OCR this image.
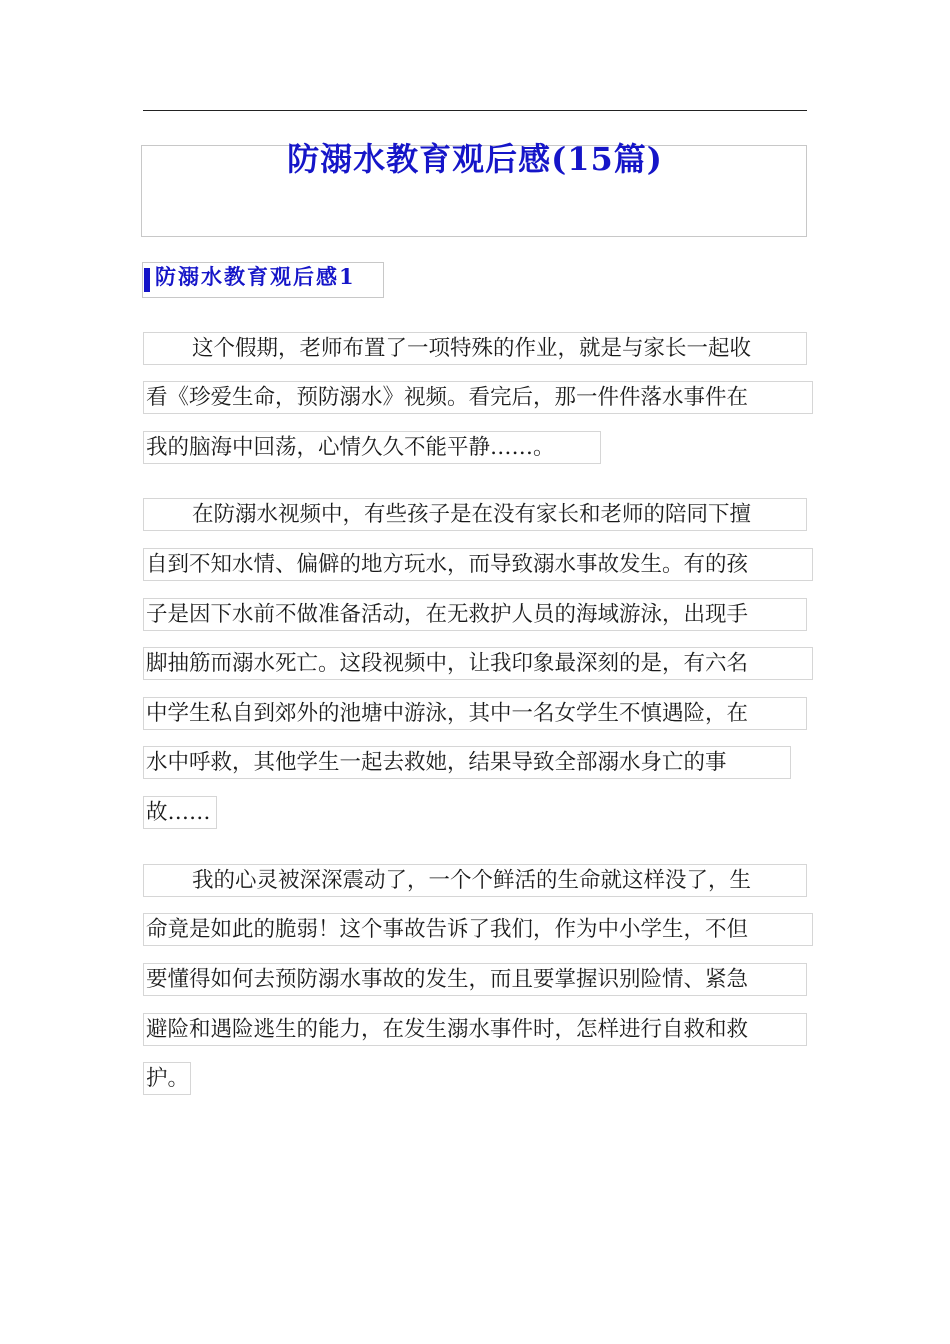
防溺水教育观后感(15篇)
防溺水教育观后感1
这个假期，老师布置了一项特殊的作业，就是与家长一起收
看《珍爱生命，预防溺水》视频。看完后，那一件件落水事件在
我的脑海中回荡，心情久久不能平静……。
在防溺水视频中，有些孩子是在没有家长和老师的陪同下擅
自到不知水情、偏僻的地方玩水，而导致溺水事故发生。有的孩
子是因下水前不做准备活动，在无救护人员的海域游泳，出现手
脚抽筋而溺水死亡。这段视频中，让我印象最深刻的是，有六名
中学生私自到郊外的池塘中游泳，其中一名女学生不慎遇险，在
水中呼救，其他学生一起去救她，结果导致全部溺水身亡的事
故……
我的心灵被深深震动了，一个个鲜活的生命就这样没了，生
命竟是如此的脆弱！这个事故告诉了我们，作为中小学生，不但
要懂得如何去预防溺水事故的发生，而且要掌握识别险情、紧急
避险和遇险逃生的能力，在发生溺水事件时，怎样进行自救和救
护。
